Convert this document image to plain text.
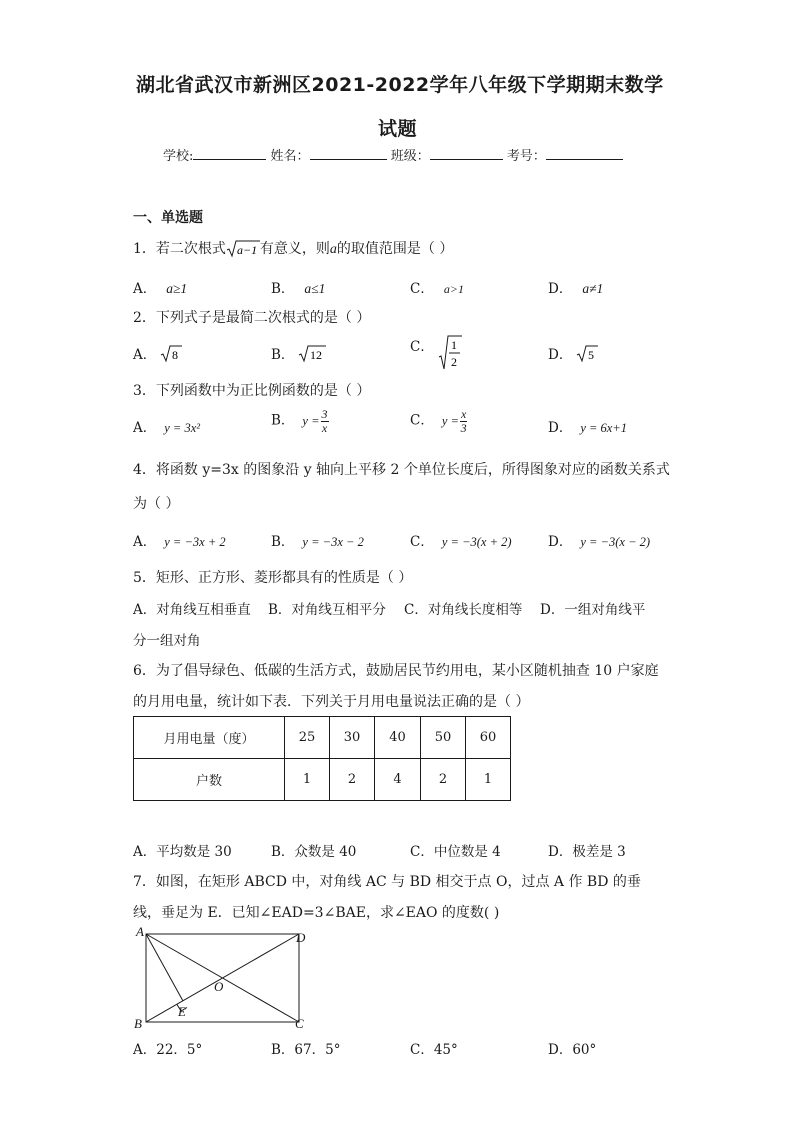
湖北省武汉市新洲区2021-2022学年八年级下学期期末数学
试题
学校:	姓名：	班级：	考号：
一、单选题
1．若二次根式 a−1 有意义，则a的取值范围是（ ）
A． a≥1	B． a≤1	C． a>1	D． a≠1
2．下列式子是最简二次根式的是（ ）
A． 8	B． 12	C． 1
2	D． 5
3．下列函数中为正比例函数的是（ ）
A． y = 3x²	B． $y = \frac{3}{x}$	C． $y = \frac{x}{3}$	D． y = 6x+1
4．将函数 y=3x 的图象沿 y 轴向上平移 2 个单位长度后，所得图象对应的函数关系式
为（ ）
A． y = −3x + 2	B． y = −3x − 2	C． y = −3(x + 2)	D． y = −3(x − 2)
5．矩形、正方形、菱形都具有的性质是（ ）
A．对角线互相垂直 B．对角线互相平分 C．对角线长度相等 D．一组对角线平
分一组对角
6．为了倡导绿色、低碳的生活方式，鼓励居民节约用电，某小区随机抽查 10 户家庭
的月用电量，统计如下表．下列关于月用电量说法正确的是（ ）
月用电量（度）	25	30	40	50	60
户数	1	2	4	2	1
A．平均数是 30	B．众数是 40	C．中位数是 4	D．极差是 3
7．如图，在矩形 ABCD 中，对角线 AC 与 BD 相交于点 O，过点 A 作 BD 的垂
线，垂足为 E．已知∠EAD=3∠BAE，求∠EAO 的度数( )
A
B	C
D
O
E
A．22．5°	B．67．5°	C．45°	D．60°
